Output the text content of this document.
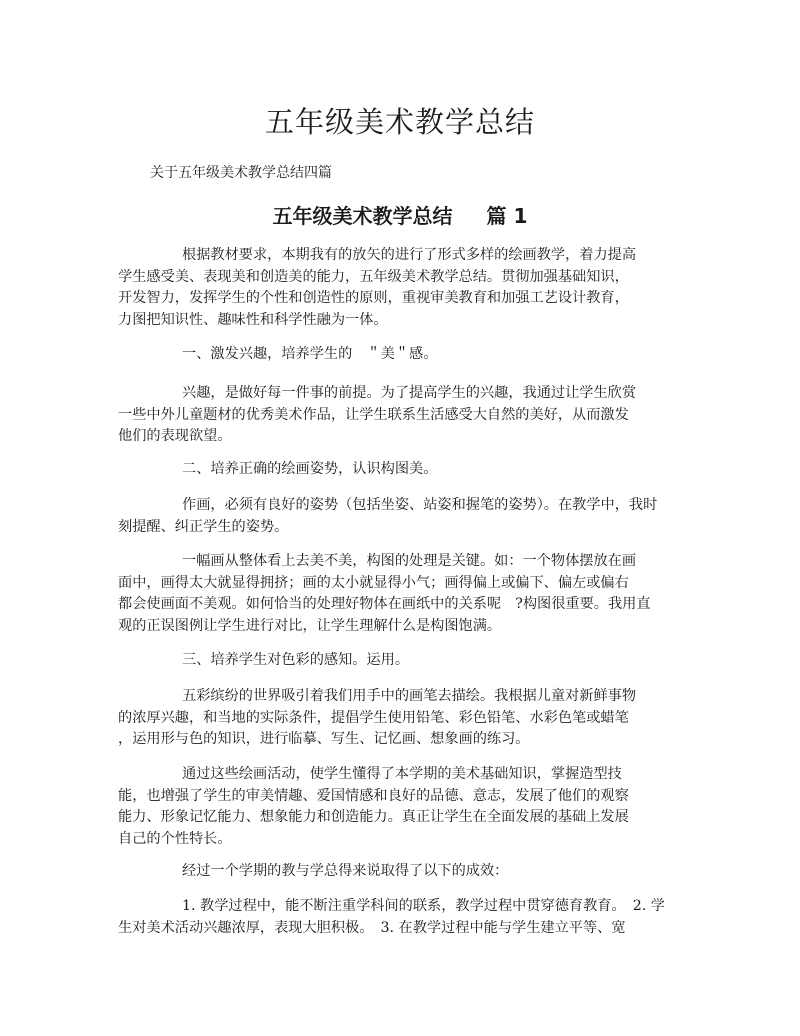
五年级美术教学总结

关于五年级美术教学总结四篇

五年级美术教学总结 篇 1
根据教材要求，本期我有的放矢的进行了形式多样的绘画教学，着力提高
学生感受美、表现美和创造美的能力，五年级美术教学总结。贯彻加强基础知识，
开发智力，发挥学生的个性和创造性的原则，重视审美教育和加强工艺设计教育，
力图把知识性、趣味性和科学性融为一体。
一、激发兴趣，培养学生的　＂美＂感。
兴趣，是做好每一件事的前提。为了提高学生的兴趣，我通过让学生欣赏
一些中外儿童题材的优秀美术作品，让学生联系生活感受大自然的美好，从而激发
他们的表现欲望。
二、培养正确的绘画姿势，认识构图美。
作画，必须有良好的姿势（包括坐姿、站姿和握笔的姿势）。在教学中，我时
刻提醒、纠正学生的姿势。
一幅画从整体看上去美不美，构图的处理是关键。如：一个物体摆放在画
面中，画得太大就显得拥挤；画的太小就显得小气；画得偏上或偏下、偏左或偏右
都会使画面不美观。如何恰当的处理好物体在画纸中的关系呢　?构图很重要。我用直
观的正误图例让学生进行对比，让学生理解什么是构图饱满。
三、培养学生对色彩的感知。运用。
五彩缤纷的世界吸引着我们用手中的画笔去描绘。我根据儿童对新鲜事物
的浓厚兴趣，和当地的实际条件，提倡学生使用铅笔、彩色铅笔、水彩色笔或蜡笔
，运用形与色的知识，进行临摹、写生、记忆画、想象画的练习。
通过这些绘画活动，使学生懂得了本学期的美术基础知识，掌握造型技
能，也增强了学生的审美情趣、爱国情感和良好的品德、意志，发展了他们的观察
能力、形象记忆能力、想象能力和创造能力。真正让学生在全面发展的基础上发展
自己的个性特长。
经过一个学期的教与学总得来说取得了以下的成效：
1. 教学过程中，能不断注重学科间的联系，教学过程中贯穿德育教育。　2. 学
生对美术活动兴趣浓厚，表现大胆积极。　3. 在教学过程中能与学生建立平等、宽
